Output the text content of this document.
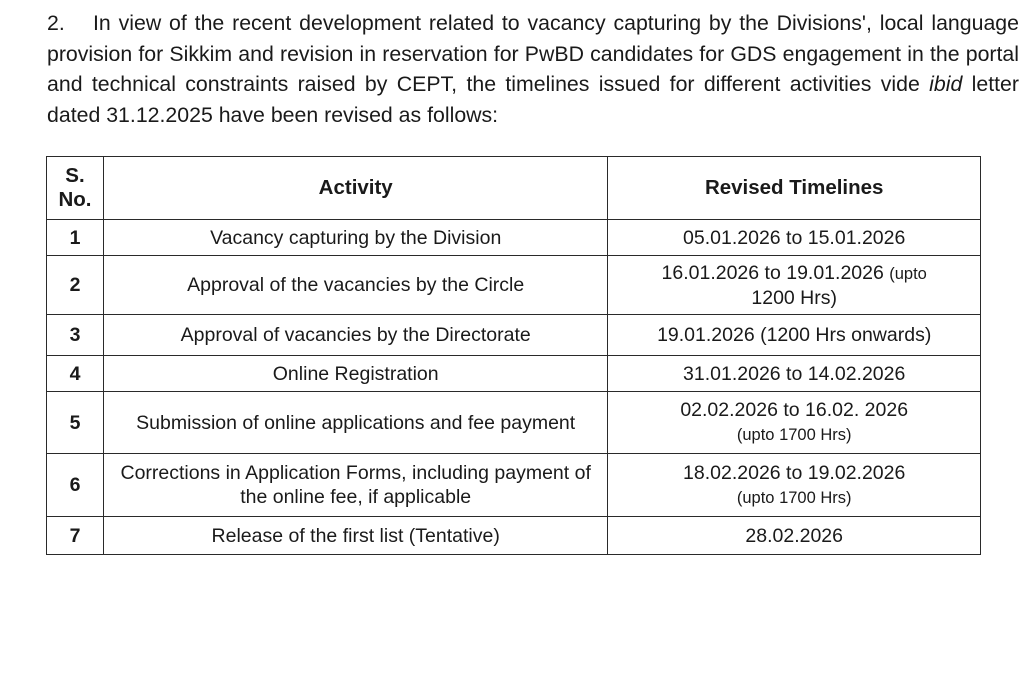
2. In view of the recent development related to vacancy capturing by the Divisions', local language provision for Sikkim and revision in reservation for PwBD candidates for GDS engagement in the portal and technical constraints raised by CEPT, the timelines issued for different activities vide ibid letter dated 31.12.2025 have been revised as follows:

S.
No.	Activity	Revised Timelines
1	Vacancy capturing by the Division	05.01.2026 to 15.01.2026
2	Approval of the vacancies by the Circle	16.01.2026 to 19.01.2026 (upto
1200 Hrs)
3	Approval of vacancies by the Directorate	19.01.2026 (1200 Hrs onwards)
4	Online Registration	31.01.2026 to 14.02.2026
5	Submission of online applications and fee payment	02.02.2026 to 16.02. 2026
(upto 1700 Hrs)
6	Corrections in Application Forms, including payment of the online fee, if applicable	18.02.2026 to 19.02.2026
(upto 1700 Hrs)
7	Release of the first list (Tentative)	28.02.2026
